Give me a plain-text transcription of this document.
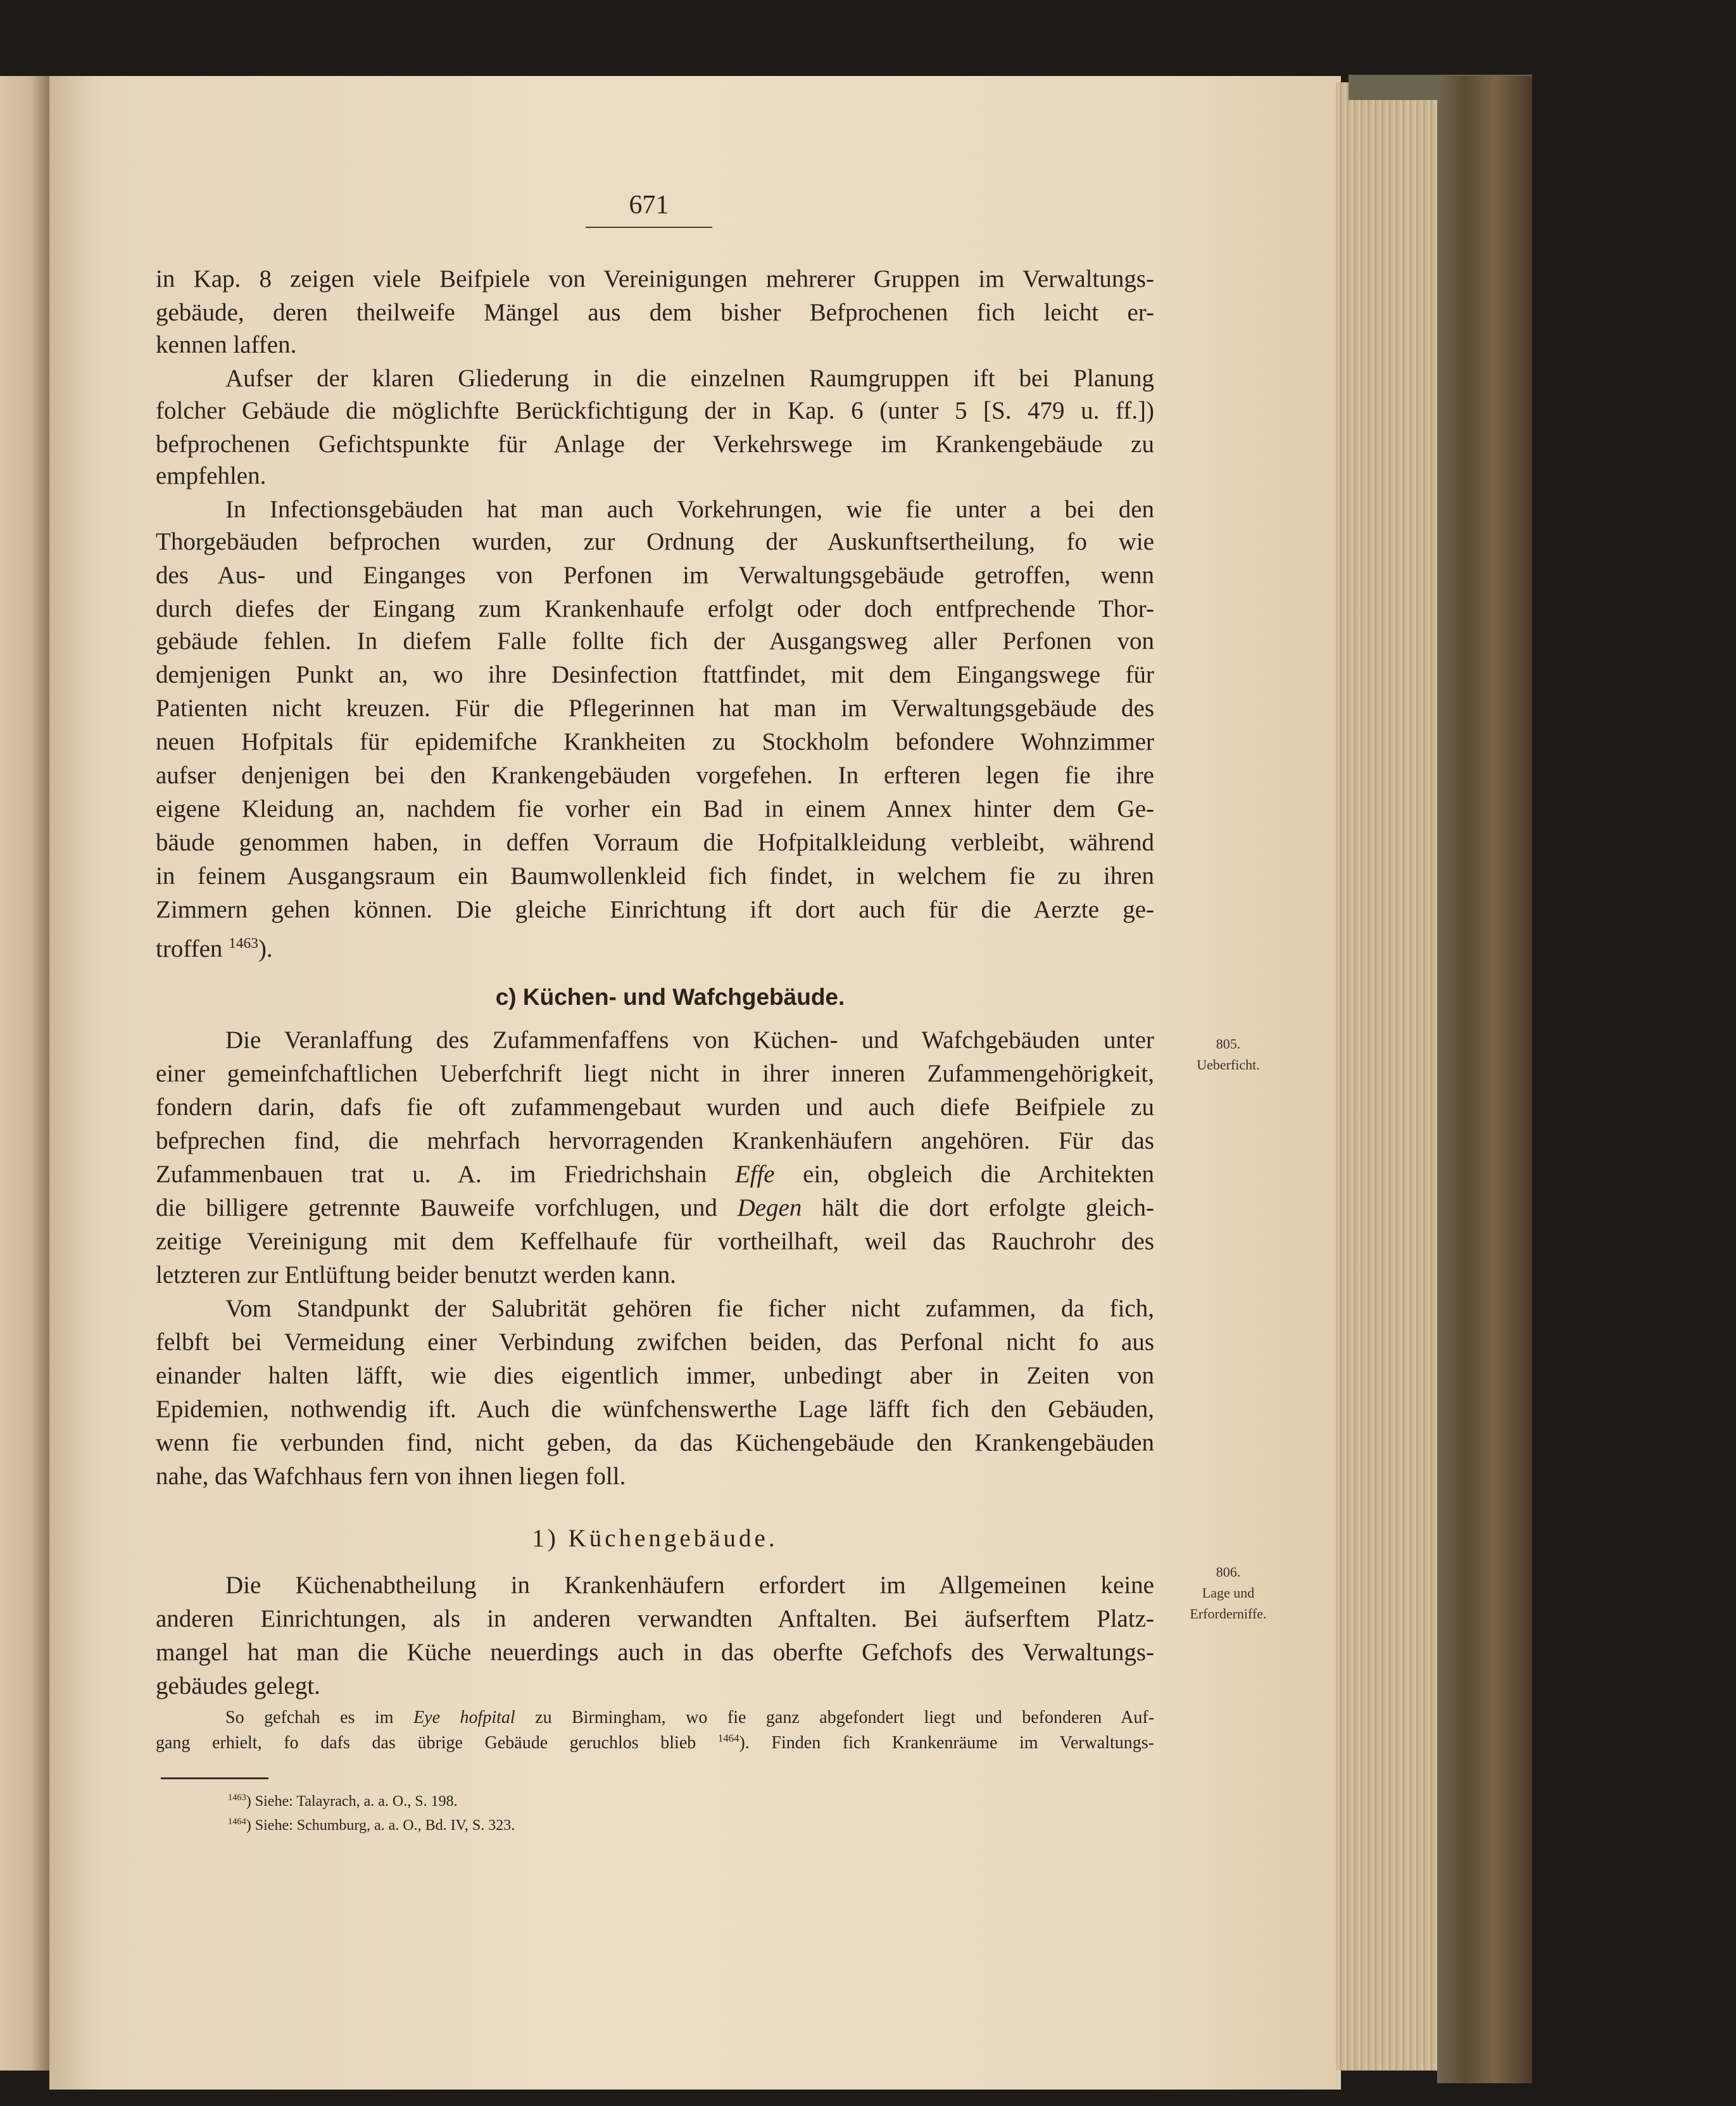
671
in Kap. 8 zeigen viele Beifpiele von Vereinigungen mehrerer Gruppen im Verwaltungs-
gebäude, deren theilweife Mängel aus dem bisher Befprochenen fich leicht er-
kennen laffen.
Aufser der klaren Gliederung in die einzelnen Raumgruppen ift bei Planung
folcher Gebäude die möglichfte Berückfichtigung der in Kap. 6 (unter 5 [S. 479 u. ff.])
befprochenen Gefichtspunkte für Anlage der Verkehrswege im Krankengebäude zu
empfehlen.
In Infectionsgebäuden hat man auch Vorkehrungen, wie fie unter a bei den
Thorgebäuden befprochen wurden, zur Ordnung der Auskunftsertheilung, fo wie
des Aus- und Einganges von Perfonen im Verwaltungsgebäude getroffen, wenn
durch diefes der Eingang zum Krankenhaufe erfolgt oder doch entfprechende Thor-
gebäude fehlen. In diefem Falle follte fich der Ausgangsweg aller Perfonen von
demjenigen Punkt an, wo ihre Desinfection ftattfindet, mit dem Eingangswege für
Patienten nicht kreuzen. Für die Pflegerinnen hat man im Verwaltungsgebäude des
neuen Hofpitals für epidemifche Krankheiten zu Stockholm befondere Wohnzimmer
aufser denjenigen bei den Krankengebäuden vorgefehen. In erfteren legen fie ihre
eigene Kleidung an, nachdem fie vorher ein Bad in einem Annex hinter dem Ge-
bäude genommen haben, in deffen Vorraum die Hofpitalkleidung verbleibt, während
in feinem Ausgangsraum ein Baumwollenkleid fich findet, in welchem fie zu ihren
Zimmern gehen können. Die gleiche Einrichtung ift dort auch für die Aerzte ge-
troffen $^{1463}$).
c) Küchen- und Wafchgebäude.
Die Veranlaffung des Zufammenfaffens von Küchen- und Wafchgebäuden unter
einer gemeinfchaftlichen Ueberfchrift liegt nicht in ihrer inneren Zufammengehörigkeit,
fondern darin, dafs fie oft zufammengebaut wurden und auch diefe Beifpiele zu
befprechen find, die mehrfach hervorragenden Krankenhäufern angehören. Für das
Zufammenbauen trat u. A. im Friedrichshain Effe ein, obgleich die Architekten
die billigere getrennte Bauweife vorfchlugen, und Degen hält die dort erfolgte gleich-
zeitige Vereinigung mit dem Keffelhaufe für vortheilhaft, weil das Rauchrohr des
letzteren zur Entlüftung beider benutzt werden kann.
Vom Standpunkt der Salubrität gehören fie ficher nicht zufammen, da fich,
felbft bei Vermeidung einer Verbindung zwifchen beiden, das Perfonal nicht fo aus
einander halten läfft, wie dies eigentlich immer, unbedingt aber in Zeiten von
Epidemien, nothwendig ift. Auch die wünfchenswerthe Lage läfft fich den Gebäuden,
wenn fie verbunden find, nicht geben, da das Küchengebäude den Krankengebäuden
nahe, das Wafchhaus fern von ihnen liegen foll.
1) Küchengebäude.
Die Küchenabtheilung in Krankenhäufern erfordert im Allgemeinen keine
anderen Einrichtungen, als in anderen verwandten Anftalten. Bei äufserftem Platz-
mangel hat man die Küche neuerdings auch in das oberfte Gefchofs des Verwaltungs-
gebäudes gelegt.
So gefchah es im Eye hofpital zu Birmingham, wo fie ganz abgefondert liegt und befonderen Auf-
gang erhielt, fo dafs das übrige Gebäude geruchlos blieb $^{1464}$). Finden fich Krankenräume im Verwaltungs-
$^{1463}$) Siehe: Talayrach, a. a. O., S. 198.
$^{1464}$) Siehe: Schumburg, a. a. O., Bd. IV, S. 323.
805.
Ueberficht.
806.
Lage und
Erforderniffe.
